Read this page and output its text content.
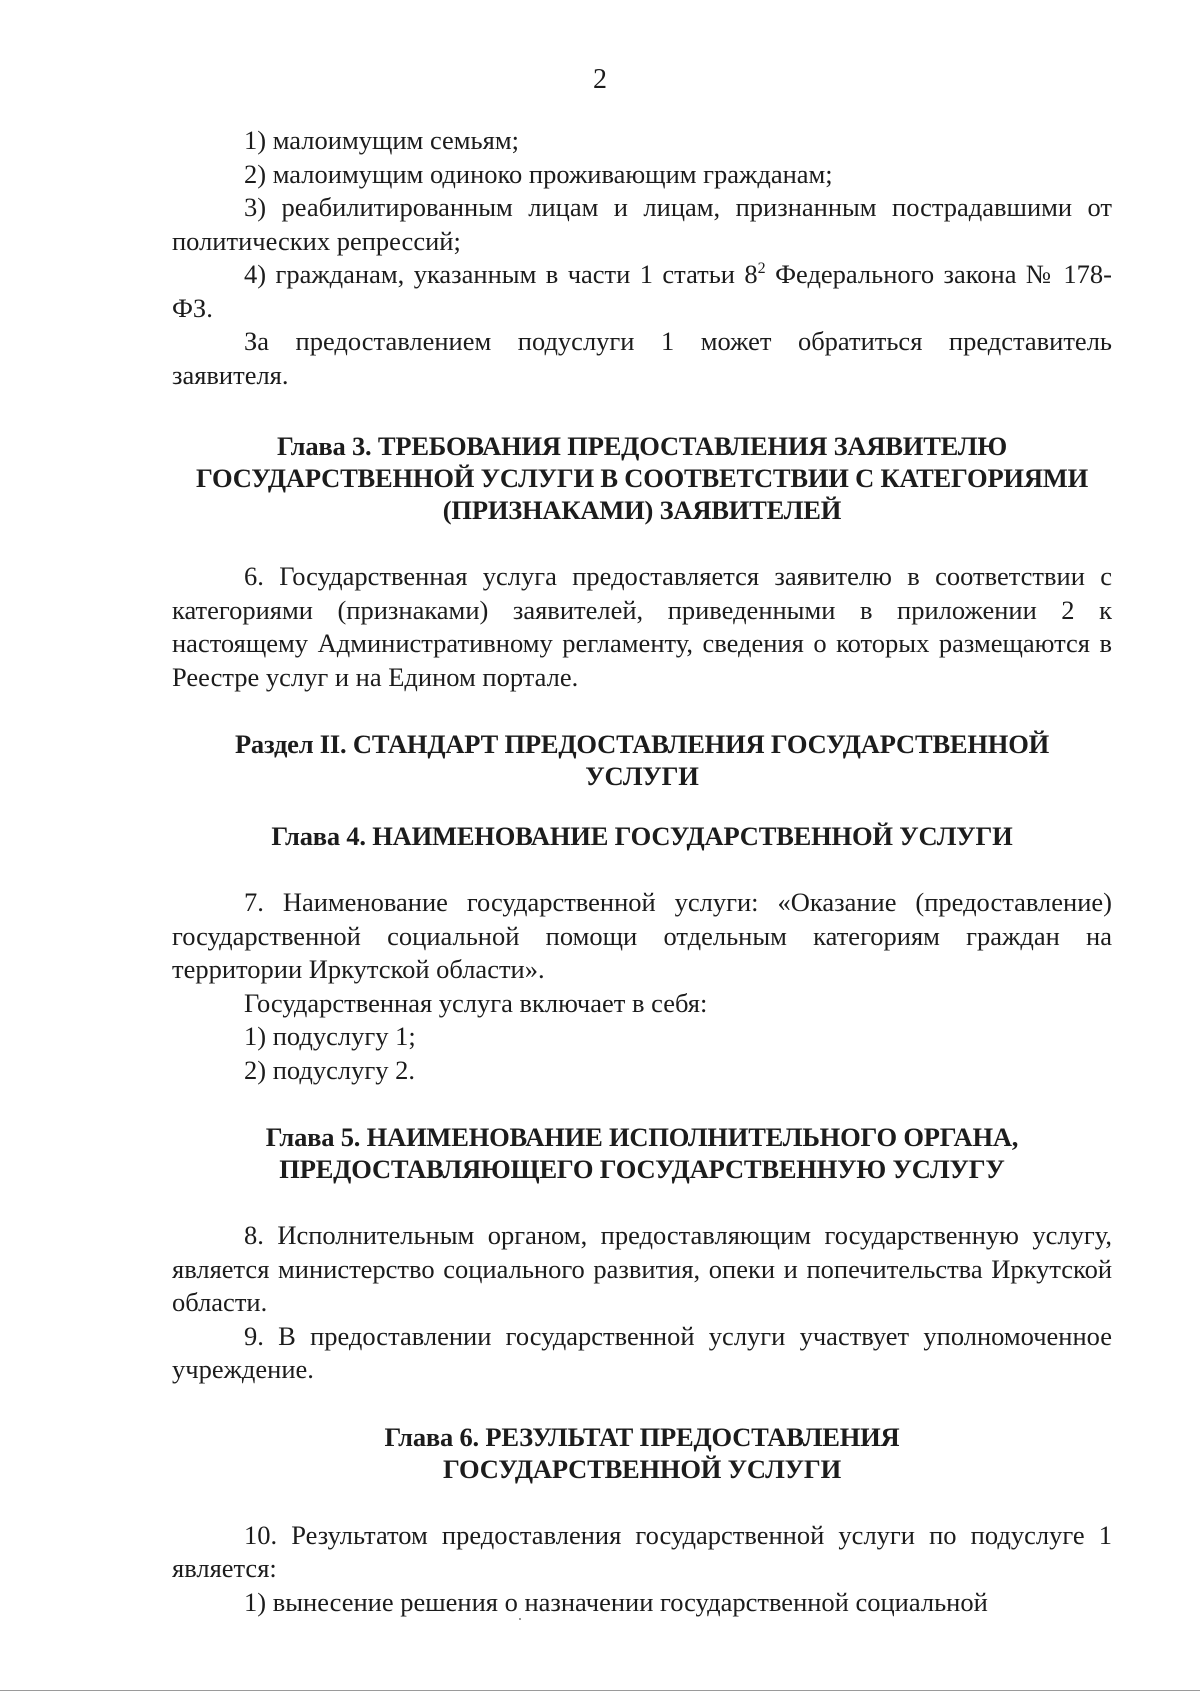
2

1) малоимущим семьям;

2) малоимущим одиноко проживающим гражданам;

3) реабилитированным лицам и лицам, признанным пострадавшими от политических репрессий;

4) гражданам, указанным в части 1 статьи $8^2$ Федерального закона № 178-ФЗ.

За предоставлением подуслуги 1 может обратиться представитель заявителя.

Глава 3. ТРЕБОВАНИЯ ПРЕДОСТАВЛЕНИЯ ЗАЯВИТЕЛЮ
ГОСУДАРСТВЕННОЙ УСЛУГИ В СООТВЕТСТВИИ С КАТЕГОРИЯМИ
(ПРИЗНАКАМИ) ЗАЯВИТЕЛЕЙ

6. Государственная услуга предоставляется заявителю в соответствии с категориями (признаками) заявителей, приведенными в приложении 2 к настоящему Административному регламенту, сведения о которых размещаются в Реестре услуг и на Едином портале.

Раздел II. СТАНДАРТ ПРЕДОСТАВЛЕНИЯ ГОСУДАРСТВЕННОЙ
УСЛУГИ
Глава 4. НАИМЕНОВАНИЕ ГОСУДАРСТВЕННОЙ УСЛУГИ

7. Наименование государственной услуги: «Оказание (предоставление) государственной социальной помощи отдельным категориям граждан на территории Иркутской области».

Государственная услуга включает в себя:

1) подуслугу 1;

2) подуслугу 2.

Глава 5. НАИМЕНОВАНИЕ ИСПОЛНИТЕЛЬНОГО ОРГАНА,
ПРЕДОСТАВЛЯЮЩЕГО ГОСУДАРСТВЕННУЮ УСЛУГУ

8. Исполнительным органом, предоставляющим государственную услугу, является министерство социального развития, опеки и попечительства Иркутской области.

9. В предоставлении государственной услуги участвует уполномоченное учреждение.

Глава 6. РЕЗУЛЬТАТ ПРЕДОСТАВЛЕНИЯ
ГОСУДАРСТВЕННОЙ УСЛУГИ

10. Результатом предоставления государственной услуги по подуслуге 1 является:

1) вынесение решения о назначении государственной социальной
